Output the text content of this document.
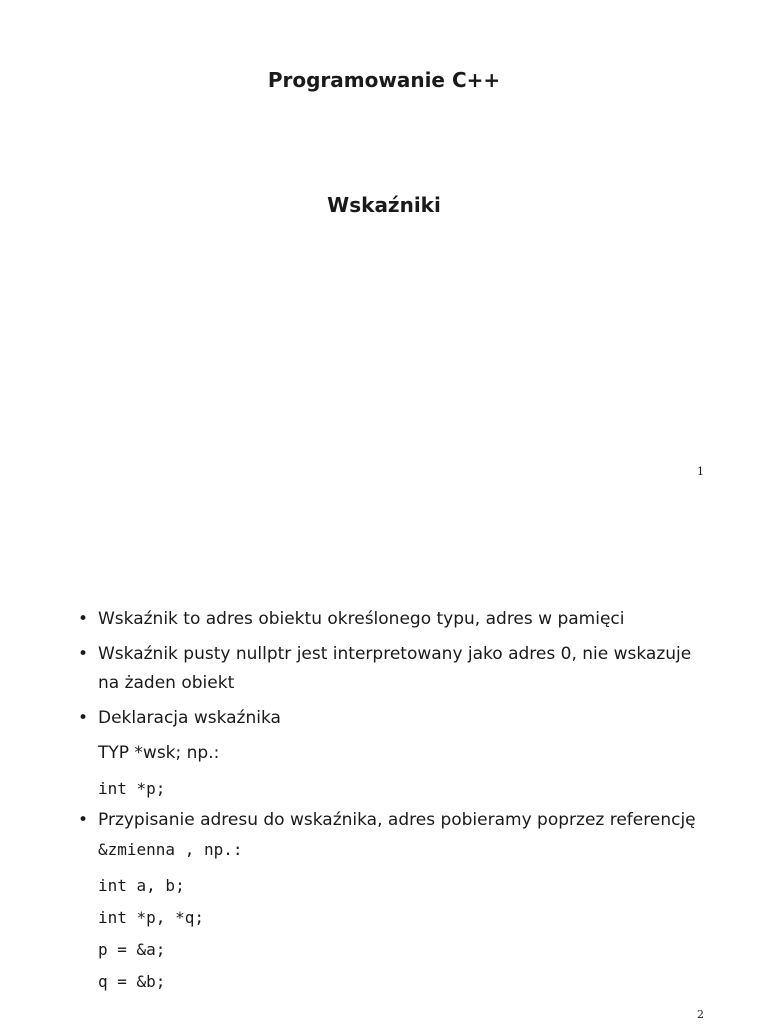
Programowanie C++
Wskaźniki
1
• Wskaźnik to adres obiektu określonego typu, adres w pamięci
• Wskaźnik pusty nullptr jest interpretowany jako adres 0, nie wskazuje na żaden obiekt
• Deklaracja wskaźnika
TYP *wsk; np.:
int *p;
• Przypisanie adresu do wskaźnika, adres pobieramy poprzez referencję
&zmienna , np.:
int a, b;
int *p, *q;
p = &a;
q = &b;
2
